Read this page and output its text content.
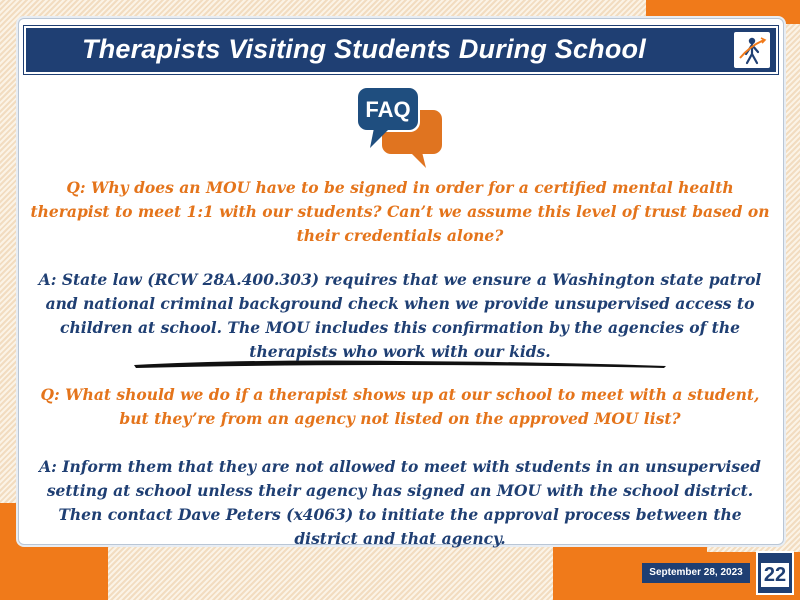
Therapists Visiting Students During School
FAQ
Q: Why does an MOU have to be signed in order for a certified mental health therapist to meet 1:1 with our students? Can’t we assume this level of trust based on their credentials alone?
A: State law (RCW 28A.400.303) requires that we ensure a Washington state patrol and national criminal background check when we provide unsupervised access to children at school. The MOU includes this confirmation by the agencies of the therapists who work with our kids.
Q: What should we do if a therapist shows up at our school to meet with a student, but they’re from an agency not listed on the approved MOU list?
A: Inform them that they are not allowed to meet with students in an unsupervised setting at school unless their agency has signed an MOU with the school district. Then contact Dave Peters (x4063) to initiate the approval process between the district and that agency.
September 28, 2023	22
